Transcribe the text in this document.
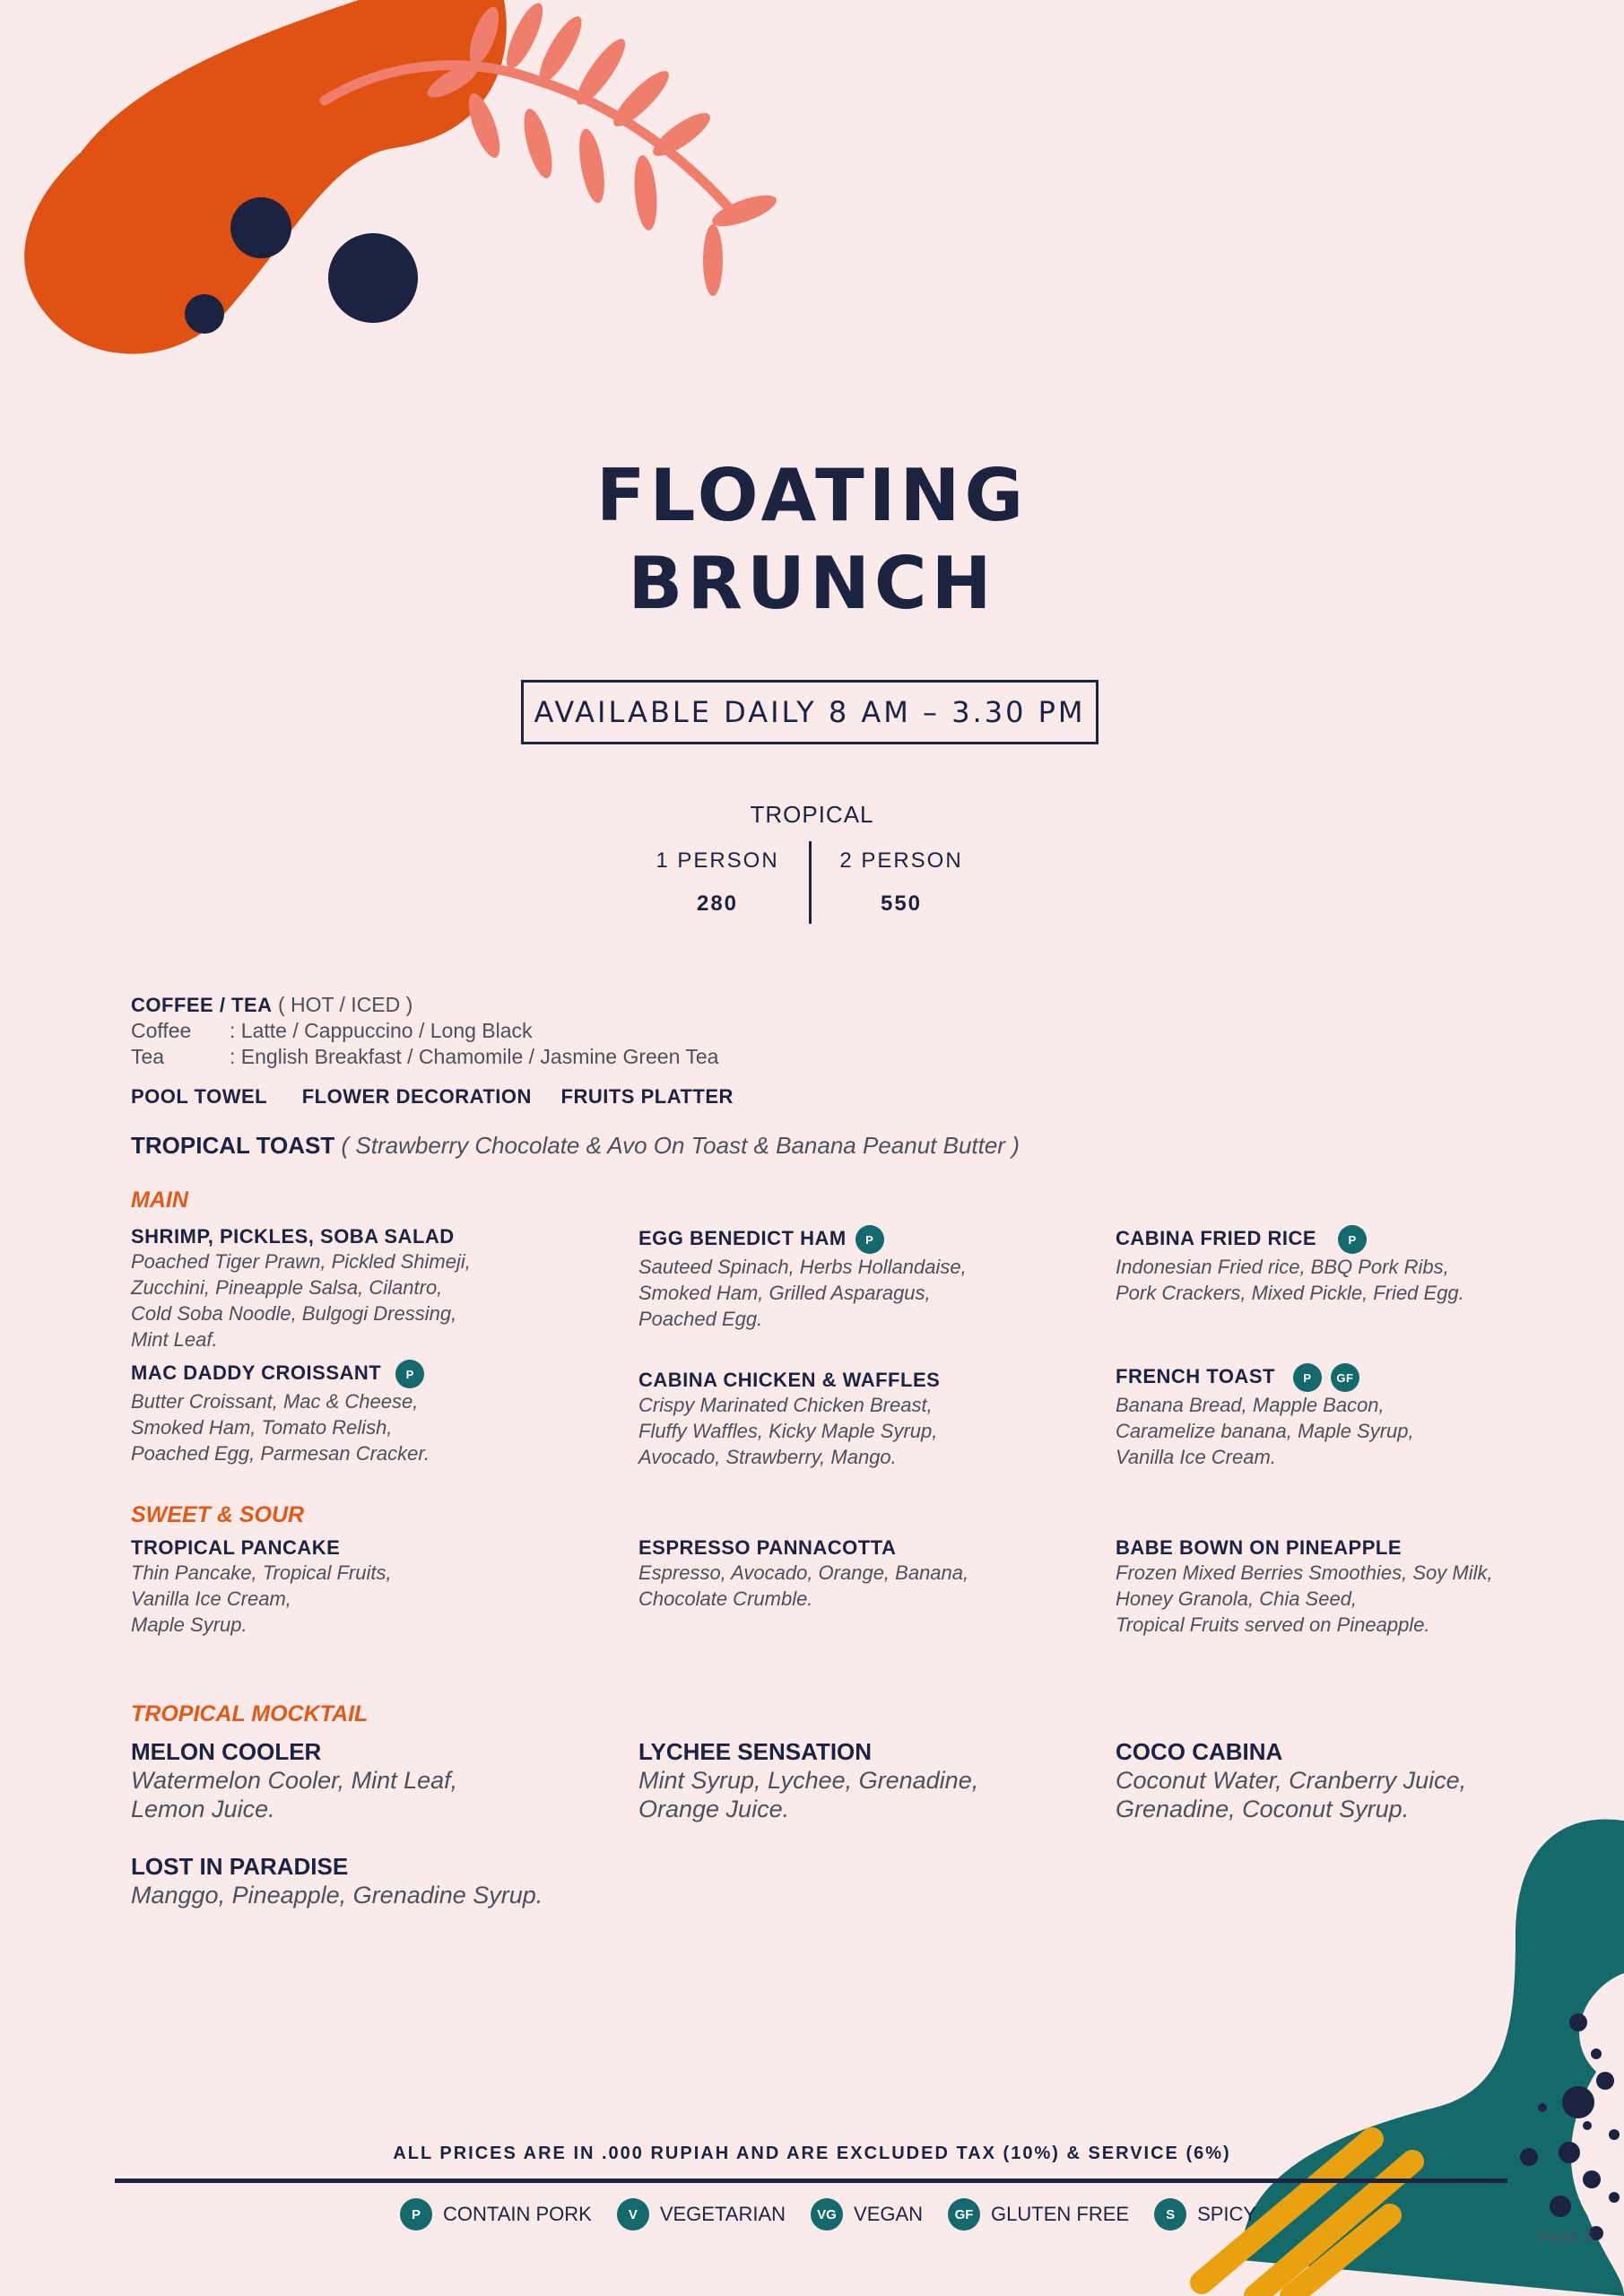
FLOATING
BRUNCH
AVAILABLE DAILY 8 AM – 3.30 PM
TROPICAL
1 PERSON
280
2 PERSON
550
COFFEE / TEA ( HOT / ICED )
Coffee : Latte / Cappuccino / Long Black
Tea	: English Breakfast / Chamomile / Jasmine Green Tea
POOL TOWEL FLOWER DECORATION FRUITS PLATTER
TROPICAL TOAST ( Strawberry Chocolate & Avo On Toast & Banana Peanut Butter )
MAIN
SHRIMP, PICKLES, SOBA SALAD
Poached Tiger Prawn, Pickled Shimeji,
Zucchini, Pineapple Salsa, Cilantro,
Cold Soba Noodle, Bulgogi Dressing,
Mint Leaf.
EGG BENEDICT HAM P
Sauteed Spinach, Herbs Hollandaise,
Smoked Ham, Grilled Asparagus,
Poached Egg.
CABINA FRIED RICE	P
Indonesian Fried rice, BBQ Pork Ribs,
Pork Crackers, Mixed Pickle, Fried Egg.
MAC DADDY CROISSANT P
Butter Croissant, Mac & Cheese,
Smoked Ham, Tomato Relish,
Poached Egg, Parmesan Cracker.
CABINA CHICKEN & WAFFLES
Crispy Marinated Chicken Breast,
Fluffy Waffles, Kicky Maple Syrup,
Avocado, Strawberry, Mango.
FRENCH TOAST P GF
Banana Bread, Mapple Bacon,
Caramelize banana, Maple Syrup,
Vanilla Ice Cream.
SWEET & SOUR
TROPICAL PANCAKE
Thin Pancake, Tropical Fruits,
Vanilla Ice Cream,
Maple Syrup.
ESPRESSO PANNACOTTA
Espresso, Avocado, Orange, Banana,
Chocolate Crumble.
BABE BOWN ON PINEAPPLE
Frozen Mixed Berries Smoothies, Soy Milk,
Honey Granola, Chia Seed,
Tropical Fruits served on Pineapple.
TROPICAL MOCKTAIL
MELON COOLER
Watermelon Cooler, Mint Leaf,
Lemon Juice.
LYCHEE SENSATION
Mint Syrup, Lychee, Grenadine,
Orange Juice.
COCO CABINA
Coconut Water, Cranberry Juice,
Grenadine, Coconut Syrup.
LOST IN PARADISE
Manggo, Pineapple, Grenadine Syrup.
ALL PRICES ARE IN .000 RUPIAH AND ARE EXCLUDED TAX (10%) & SERVICE (6%)
P	CONTAIN PORK	V	VEGETARIAN	VG VEGAN	GF GLUTEN FREE	S	SPICY
PAGE 5
